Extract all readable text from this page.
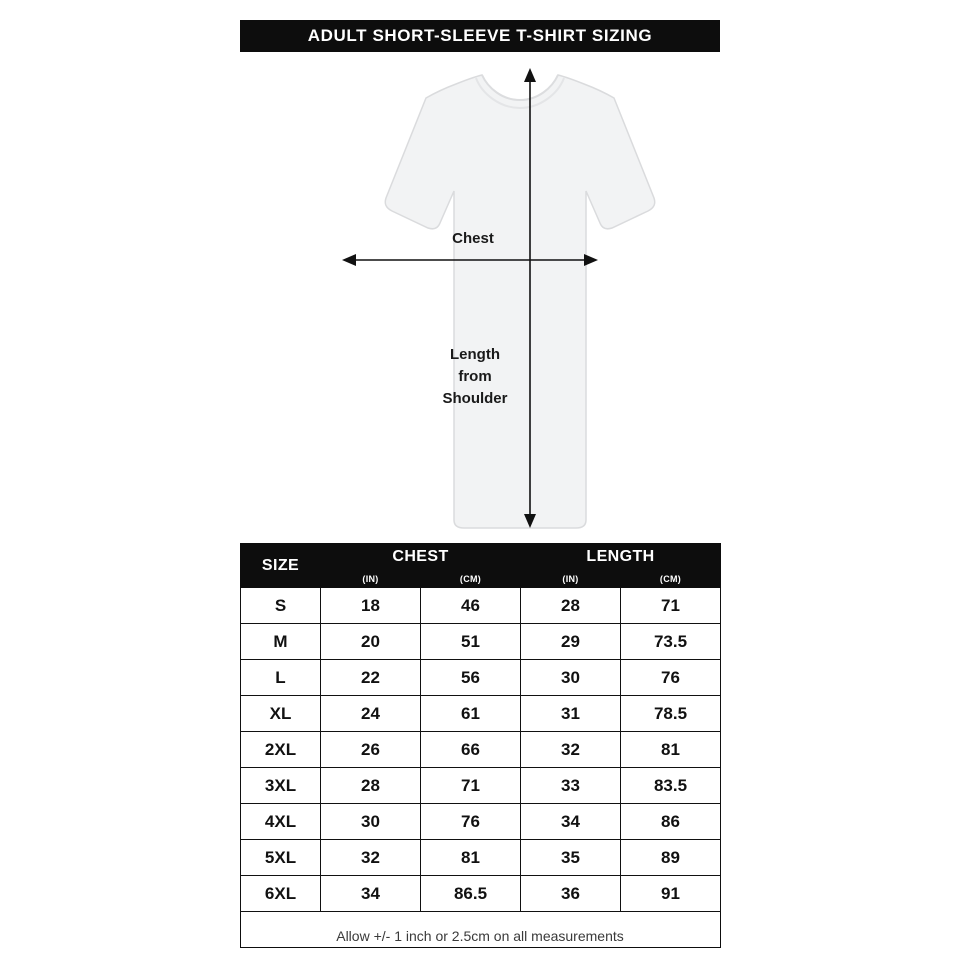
ADULT SHORT-SLEEVE T-SHIRT SIZING
Chest
Length
from
Shoulder
SIZE	CHEST		LENGTH	
	(IN)	(CM)	(IN)	(CM)
S	18	46	28	71
M	20	51	29	73.5
L	22	56	30	76
XL	24	61	31	78.5
2XL	26	66	32	81
3XL	28	71	33	83.5
4XL	30	76	34	86
5XL	32	81	35	89
6XL	34	86.5	36	91

Allow +/- 1 inch or 2.5cm on all measurements
